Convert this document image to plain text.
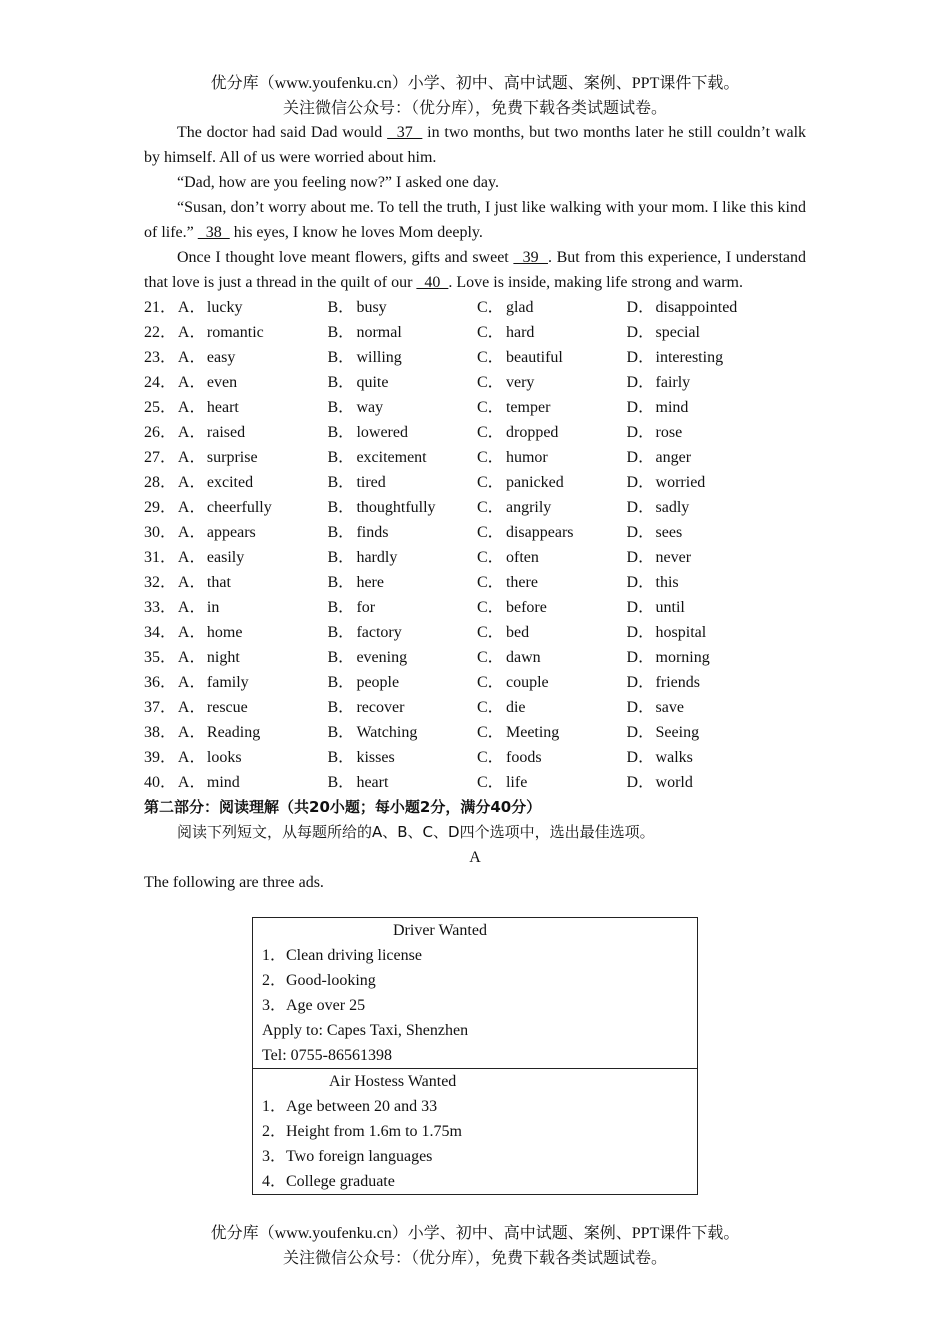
优分库（www.youfenku.cn）小学、初中、高中试题、案例、PPT课件下载。
关注微信公众号：（优分库），免费下载各类试题试卷。

The doctor had said Dad would   37   in two months, but two months later he still couldn’t walk by himself. All of us were worried about him.

“Dad, how are you feeling now?” I asked one day.

“Susan, don’t worry about me. To tell the truth, I just like walking with your mom. I like this kind of life.”   38   his eyes, I know he loves Mom deeply.

Once I thought love meant flowers, gifts and sweet   39  . But from this experience, I understand that love is just a thread in the quilt of our   40  . Love is inside, making life strong and warm.

21． A． lucky	B． busy	C． glad	D． disappointed
22． A． romantic	B． normal	C． hard	D． special
23． A． easy	B． willing	C． beautiful	D． interesting
24． A． even	B． quite	C． very	D． fairly
25． A． heart	B． way	C． temper	D． mind
26． A． raised	B． lowered	C． dropped	D． rose
27． A． surprise	B． excitement	C． humor	D． anger
28． A． excited	B． tired	C． panicked	D． worried
29． A． cheerfully	B． thoughtfully	C． angrily	D． sadly
30． A． appears	B． finds	C． disappears	D． sees
31． A． easily	B． hardly	C． often	D． never
32． A． that	B． here	C． there	D． this
33． A． in	B． for	C． before	D． until
34． A． home	B． factory	C． bed	D． hospital
35． A． night	B． evening	C． dawn	D． morning
36． A． family	B． people	C． couple	D． friends
37． A． rescue	B． recover	C． die	D． save
38． A． Reading	B． Watching	C． Meeting	D． Seeing
39． A． looks	B． kisses	C． foods	D． walks
40． A． mind	B． heart	C． life	D． world
第二部分：阅读理解（共20小题；每小题2分，满分40分）
阅读下列短文，从每题所给的A、B、C、D四个选项中，选出最佳选项。
A
The following are three ads.
Driver Wanted
1．Clean driving license
2．Good-looking
3．Age over 25
Apply to: Capes Taxi, Shenzhen
Tel: 0755-86561398
Air Hostess Wanted
1．Age between 20 and 33
2．Height from 1.6m to 1.75m
3．Two foreign languages
4．College graduate
优分库（www.youfenku.cn）小学、初中、高中试题、案例、PPT课件下载。
关注微信公众号：（优分库），免费下载各类试题试卷。
